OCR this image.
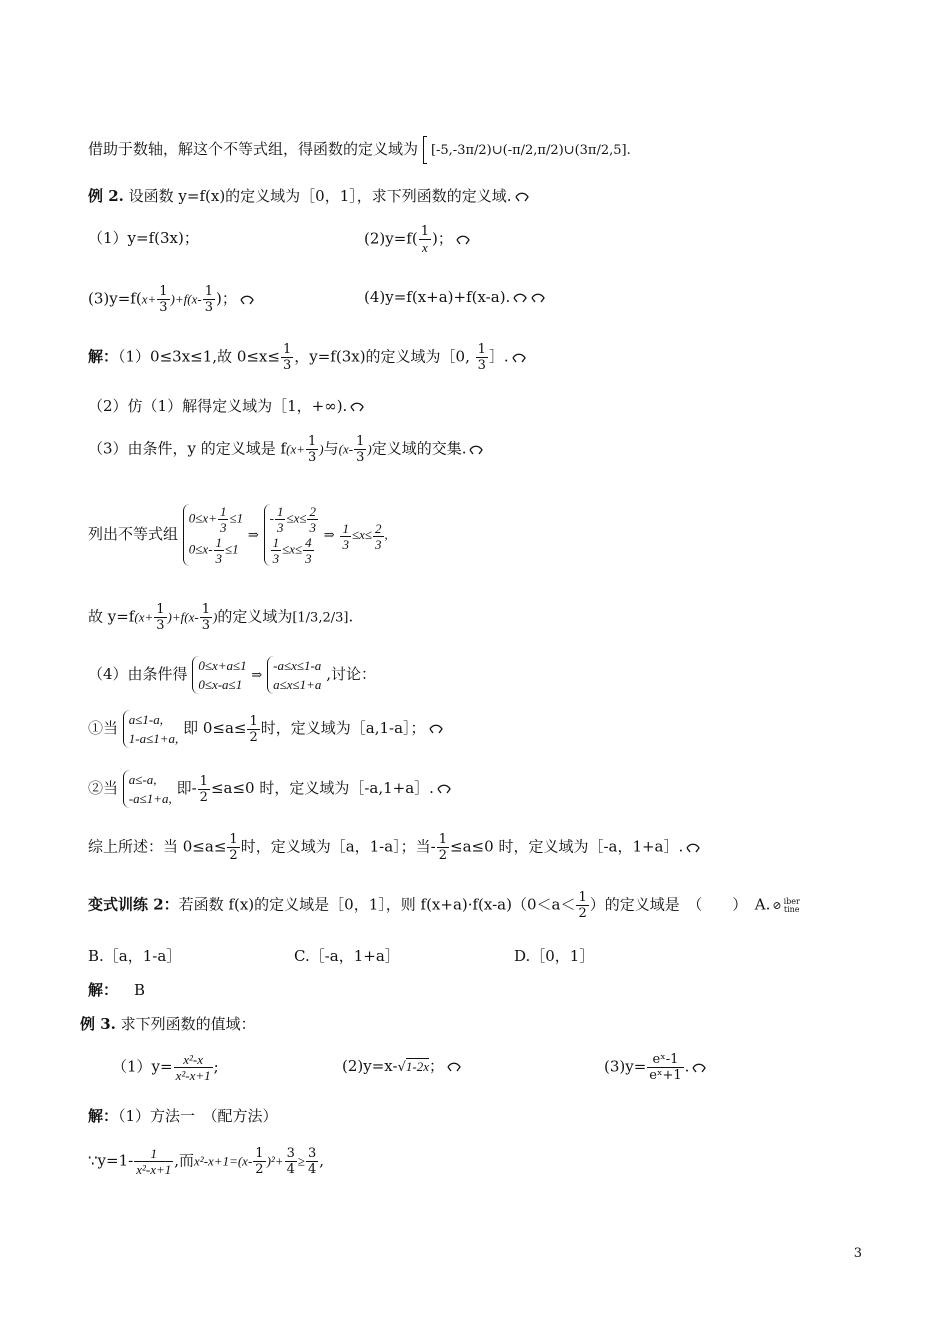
借助于数轴，解这个不等式组，得函数的定义域为 [-5,-3π/2)∪(-π/2,π/2)∪(3π/2,5].
例 2. 设函数 y=f(x)的定义域为［0，1］，求下列函数的定义域.
（1）y=f(3x)；	$(2)y=f( \frac{1}{x}$ )；
$(3)y=f(x+ \frac{1}{3} )+f(x- \frac{1}{3}$ )；	(4)y=f(x+a)+f(x-a).
解：（1）0≤3x≤1,故 $0\le x\le \frac{1}{3}$ ，y=f(3x)的定义域为［0, $\frac{1}{3}$ ］.
（2）仿（1）解得定义域为［1，+∞).
（3）由条件，y 的定义域是 $f(x+ \frac{1}{3}$ )与($x- \frac{1}{3}$ )定义域的交集.
列出不等式组
$0\le x+ \frac{1}{3} \le 1$
$0\le x- \frac{1}{3} \le 1$
⇒
- $\frac{1}{3} \le x\le \frac{2}{3}$
$\frac{1}{3} \le x\le \frac{4}{3}$ ⇒ $\frac{1}{3} \le x\le \frac{2}{3}$ ,
故 $y=f(x+ \frac{1}{3} )+f(x- \frac{1}{3}$ )的定义域为[1/3,2/3].
（4）由条件得 0≤x+a≤1
0≤x-a≤1
⇒
-a≤x≤1-a
a≤x≤1+a
,讨论：
①当 a≤1-a,
1-a≤1+a,
即 $0\le a\le \frac{1}{2}$ 时，定义域为［a,1-a］；
②当 a≤-a,
-a≤1+a,
即- $\frac{1}{2} \le a\le 0$ 时，定义域为［-a,1+a］.
综上所述：当 $0\le a\le \frac{1}{2}$ 时，定义域为［a，1-a］；当- $\frac{1}{2} \le a\le 0$ 时，定义域为［-a，1+a］.
变式训练 2：若函数 f(x)的定义域是［0，1］，则 $f(x+a)\cdot f(x-a)(0<a< \frac{1}{2}$ ）的定义域是　（　　）　A. ⊘ iber
tine
B.［a，1-a］	C.［-a，1+a］	D.［0，1］
解： B
例 3. 求下列函数的值域：
$(1)y= \frac{\text{x²-x}}{\text{x²-x+1}}$ ;	(2)y=x-√1-2x；	$(3)y= \frac{\text{eˣ-1}}{\text{eˣ+1}}$ .
解：（1）方法一　（配方法）
∵y=1- $\frac{1}{\text{x²-x+1}}$ ,而$x^2-x+1=(x- \frac{1}{2} )^2+ \frac{3}{4} \ge \frac{3}{4}$ ,
3
